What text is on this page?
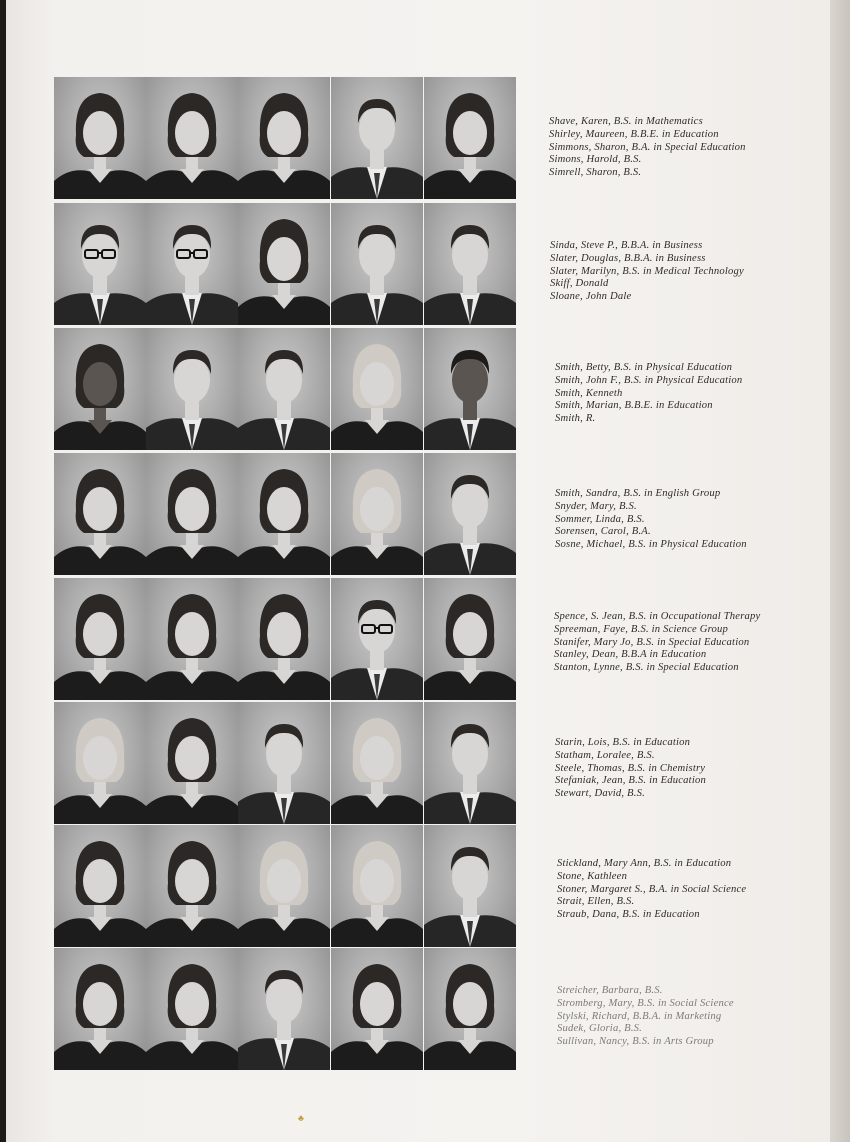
Shave, Karen, B.S. in Mathematics
Shirley, Maureen, B.B.E. in Education
Simmons, Sharon, B.A. in Special Education
Simons, Harold, B.S.
Simrell, Sharon, B.S.
Sinda, Steve P., B.B.A. in Business
Slater, Douglas, B.B.A. in Business
Slater, Marilyn, B.S. in Medical Technology
Skiff, Donald
Sloane, John Dale
Smith, Betty, B.S. in Physical Education
Smith, John F., B.S. in Physical Education
Smith, Kenneth
Smith, Marian, B.B.E. in Education
Smith, R.
Smith, Sandra, B.S. in English Group
Snyder, Mary, B.S.
Sommer, Linda, B.S.
Sorensen, Carol, B.A.
Sosne, Michael, B.S. in Physical Education
Spence, S. Jean, B.S. in Occupational Therapy
Spreeman, Faye, B.S. in Science Group
Stanifer, Mary Jo, B.S. in Special Education
Stanley, Dean, B.B.A in Education
Stanton, Lynne, B.S. in Special Education
Starin, Lois, B.S. in Education
Statham, Loralee, B.S.
Steele, Thomas, B.S. in Chemistry
Stefaniak, Jean, B.S. in Education
Stewart, David, B.S.
Stickland, Mary Ann, B.S. in Education
Stone, Kathleen
Stoner, Margaret S., B.A. in Social Science
Strait, Ellen, B.S.
Straub, Dana, B.S. in Education
Streicher, Barbara, B.S.
Stromberg, Mary, B.S. in Social Science
Stylski, Richard, B.B.A. in Marketing
Sudek, Gloria, B.S.
Sullivan, Nancy, B.S. in Arts Group
♣
